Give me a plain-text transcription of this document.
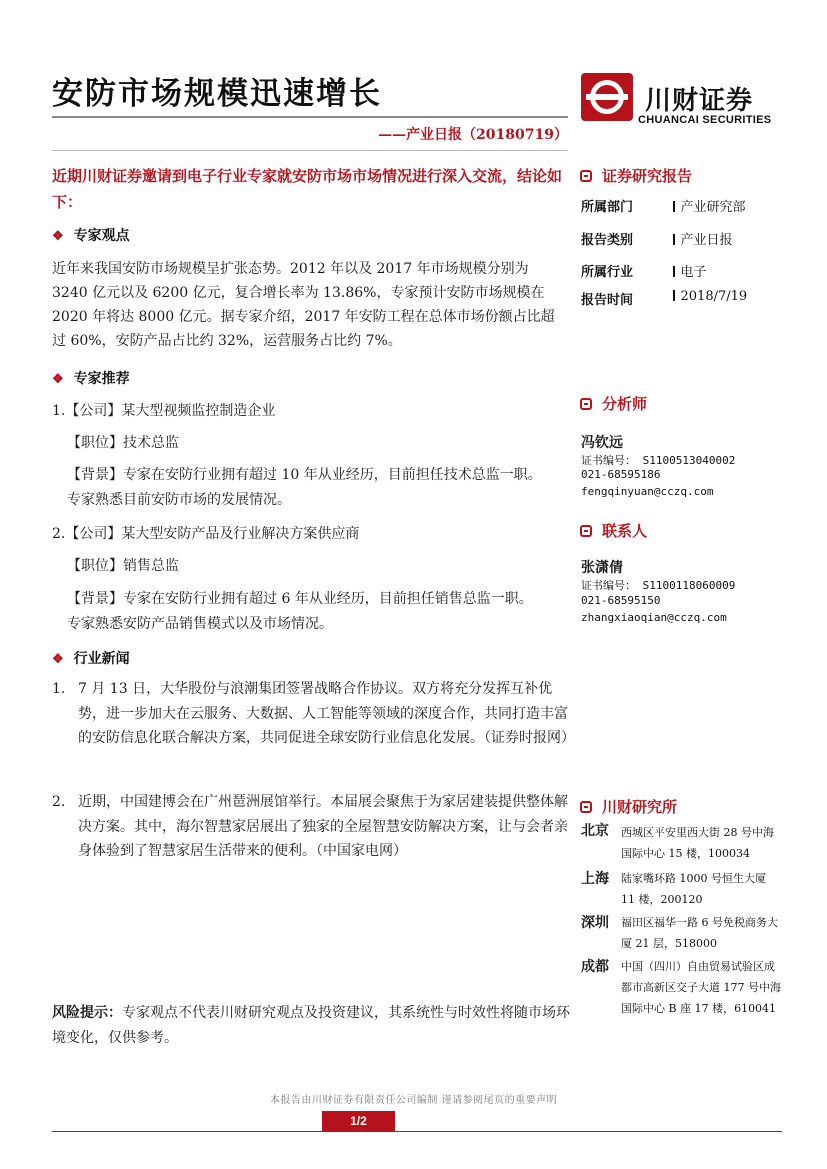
安防市场规模迅速增长
——产业日报（20180719）
川财证券
CHUANCAI SECURITIES
近期川财证券邀请到电子行业专家就安防市场市场情况进行深入交流，结论如下：
❖ 专家观点
近年来我国安防市场规模呈扩张态势。2012 年以及 2017 年市场规模分别为 3240 亿元以及 6200 亿元，复合增长率为 13.86%，专家预计安防市场规模在 2020 年将达 8000 亿元。据专家介绍，2017 年安防工程在总体市场份额占比超过 60%，安防产品占比约 32%，运营服务占比约 7%。
❖ 专家推荐
1.【公司】某大型视频监控制造企业
【职位】技术总监
【背景】专家在安防行业拥有超过 10 年从业经历，目前担任技术总监一职。
专家熟悉目前安防市场的发展情况。
2.【公司】某大型安防产品及行业解决方案供应商
【职位】销售总监
【背景】专家在安防行业拥有超过 6 年从业经历，目前担任销售总监一职。
专家熟悉安防产品销售模式以及市场情况。
❖ 行业新闻
1. 7 月 13 日，大华股份与浪潮集团签署战略合作协议。双方将充分发挥互补优势，进一步加大在云服务、大数据、人工智能等领域的深度合作，共同打造丰富的安防信息化联合解决方案，共同促进全球安防行业信息化发展。（证券时报网）
2. 近期，中国建博会在广州琶洲展馆举行。本届展会聚焦于为家居建装提供整体解决方案。其中，海尔智慧家居展出了独家的全屋智慧安防解决方案，让与会者亲身体验到了智慧家居生活带来的便利。（中国家电网）
风险提示：专家观点不代表川财研究观点及投资建议，其系统性与时效性将随市场环境变化，仅供参考。
证券研究报告
所属部门	产业研究部
报告类别	产业日报
所属行业	电子
报告时间	2018/7/19
分析师
冯钦远
证书编号： S1100513040002
021-68595186
fengqinyuan@cczq.com
联系人
张潇倩
证书编号： S1100118060009
021-68595150
zhangxiaoqian@cczq.com
川财研究所
北京 西城区平安里西大街 28 号中海国际中心 15 楼，100034
上海 陆家嘴环路 1000 号恒生大厦 11 楼，200120
深圳 福田区福华一路 6 号免税商务大厦 21 层，518000
成都 中国（四川）自由贸易试验区成都市高新区交子大道 177 号中海国际中心 B 座 17 楼，610041
本报告由川财证券有限责任公司编制 谨请参阅尾页的重要声明
1/2
